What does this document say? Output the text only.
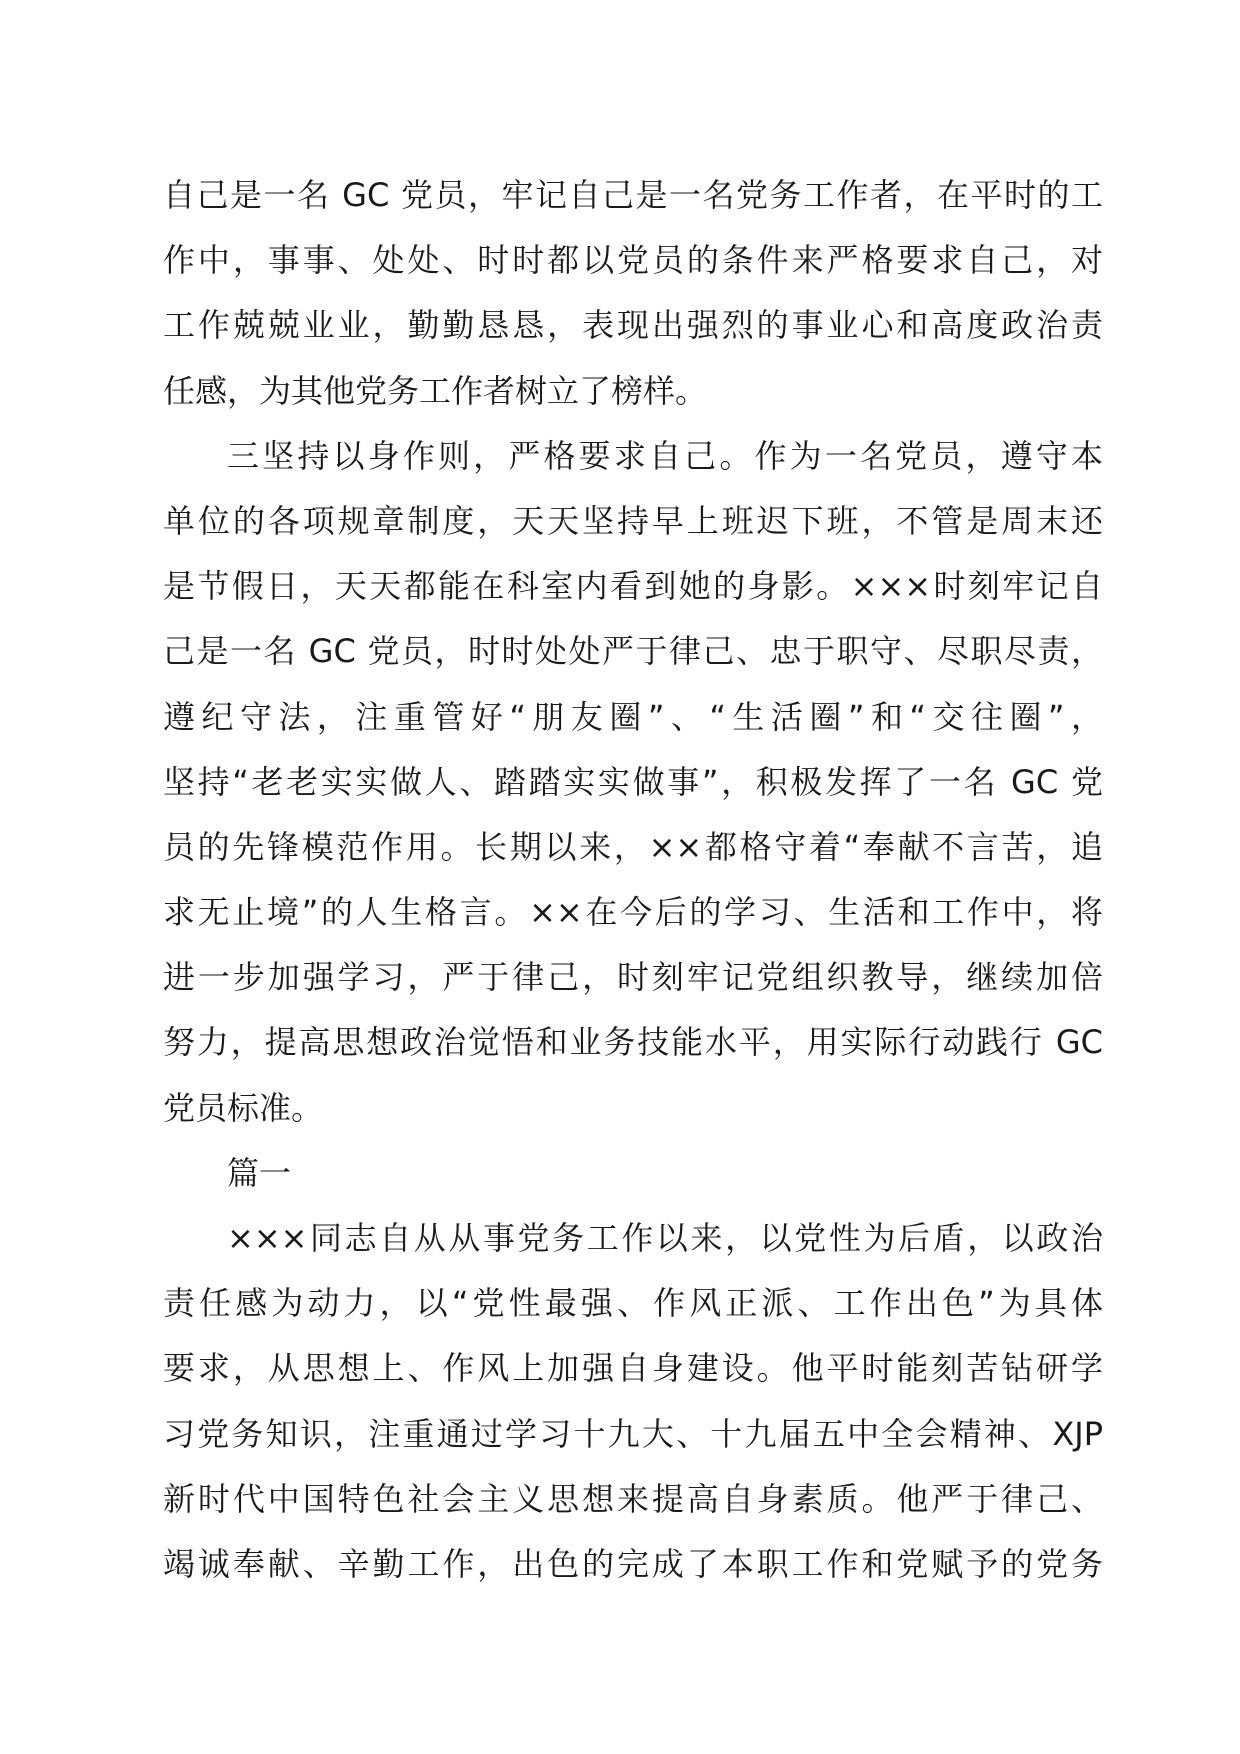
自己是一名 GC 党员，牢记自己是一名党务工作者，在平时的工
作中，事事、处处、时时都以党员的条件来严格要求自己，对
工作兢兢业业，勤勤恳恳，表现出强烈的事业心和高度政治责
任感，为其他党务工作者树立了榜样。
三坚持以身作则，严格要求自己。作为一名党员，遵守本
单位的各项规章制度，天天坚持早上班迟下班，不管是周末还
是节假日，天天都能在科室内看到她的身影。×××时刻牢记自
己是一名 GC 党员，时时处处严于律己、忠于职守、尽职尽责，
遵纪守法，注重管好“朋友圈”、“生活圈”和“交往圈”，
坚持“老老实实做人、踏踏实实做事”，积极发挥了一名 GC 党
员的先锋模范作用。长期以来，××都格守着“奉献不言苦，追
求无止境”的人生格言。××在今后的学习、生活和工作中，将
进一步加强学习，严于律己，时刻牢记党组织教导，继续加倍
努力，提高思想政治觉悟和业务技能水平，用实际行动践行 GC
党员标准。
篇一
×××同志自从从事党务工作以来，以党性为后盾，以政治
责任感为动力，以“党性最强、作风正派、工作出色”为具体
要求，从思想上、作风上加强自身建设。他平时能刻苦钻研学
习党务知识，注重通过学习十九大、十九届五中全会精神、XJP
新时代中国特色社会主义思想来提高自身素质。他严于律己、
竭诚奉献、辛勤工作，出色的完成了本职工作和党赋予的党务
